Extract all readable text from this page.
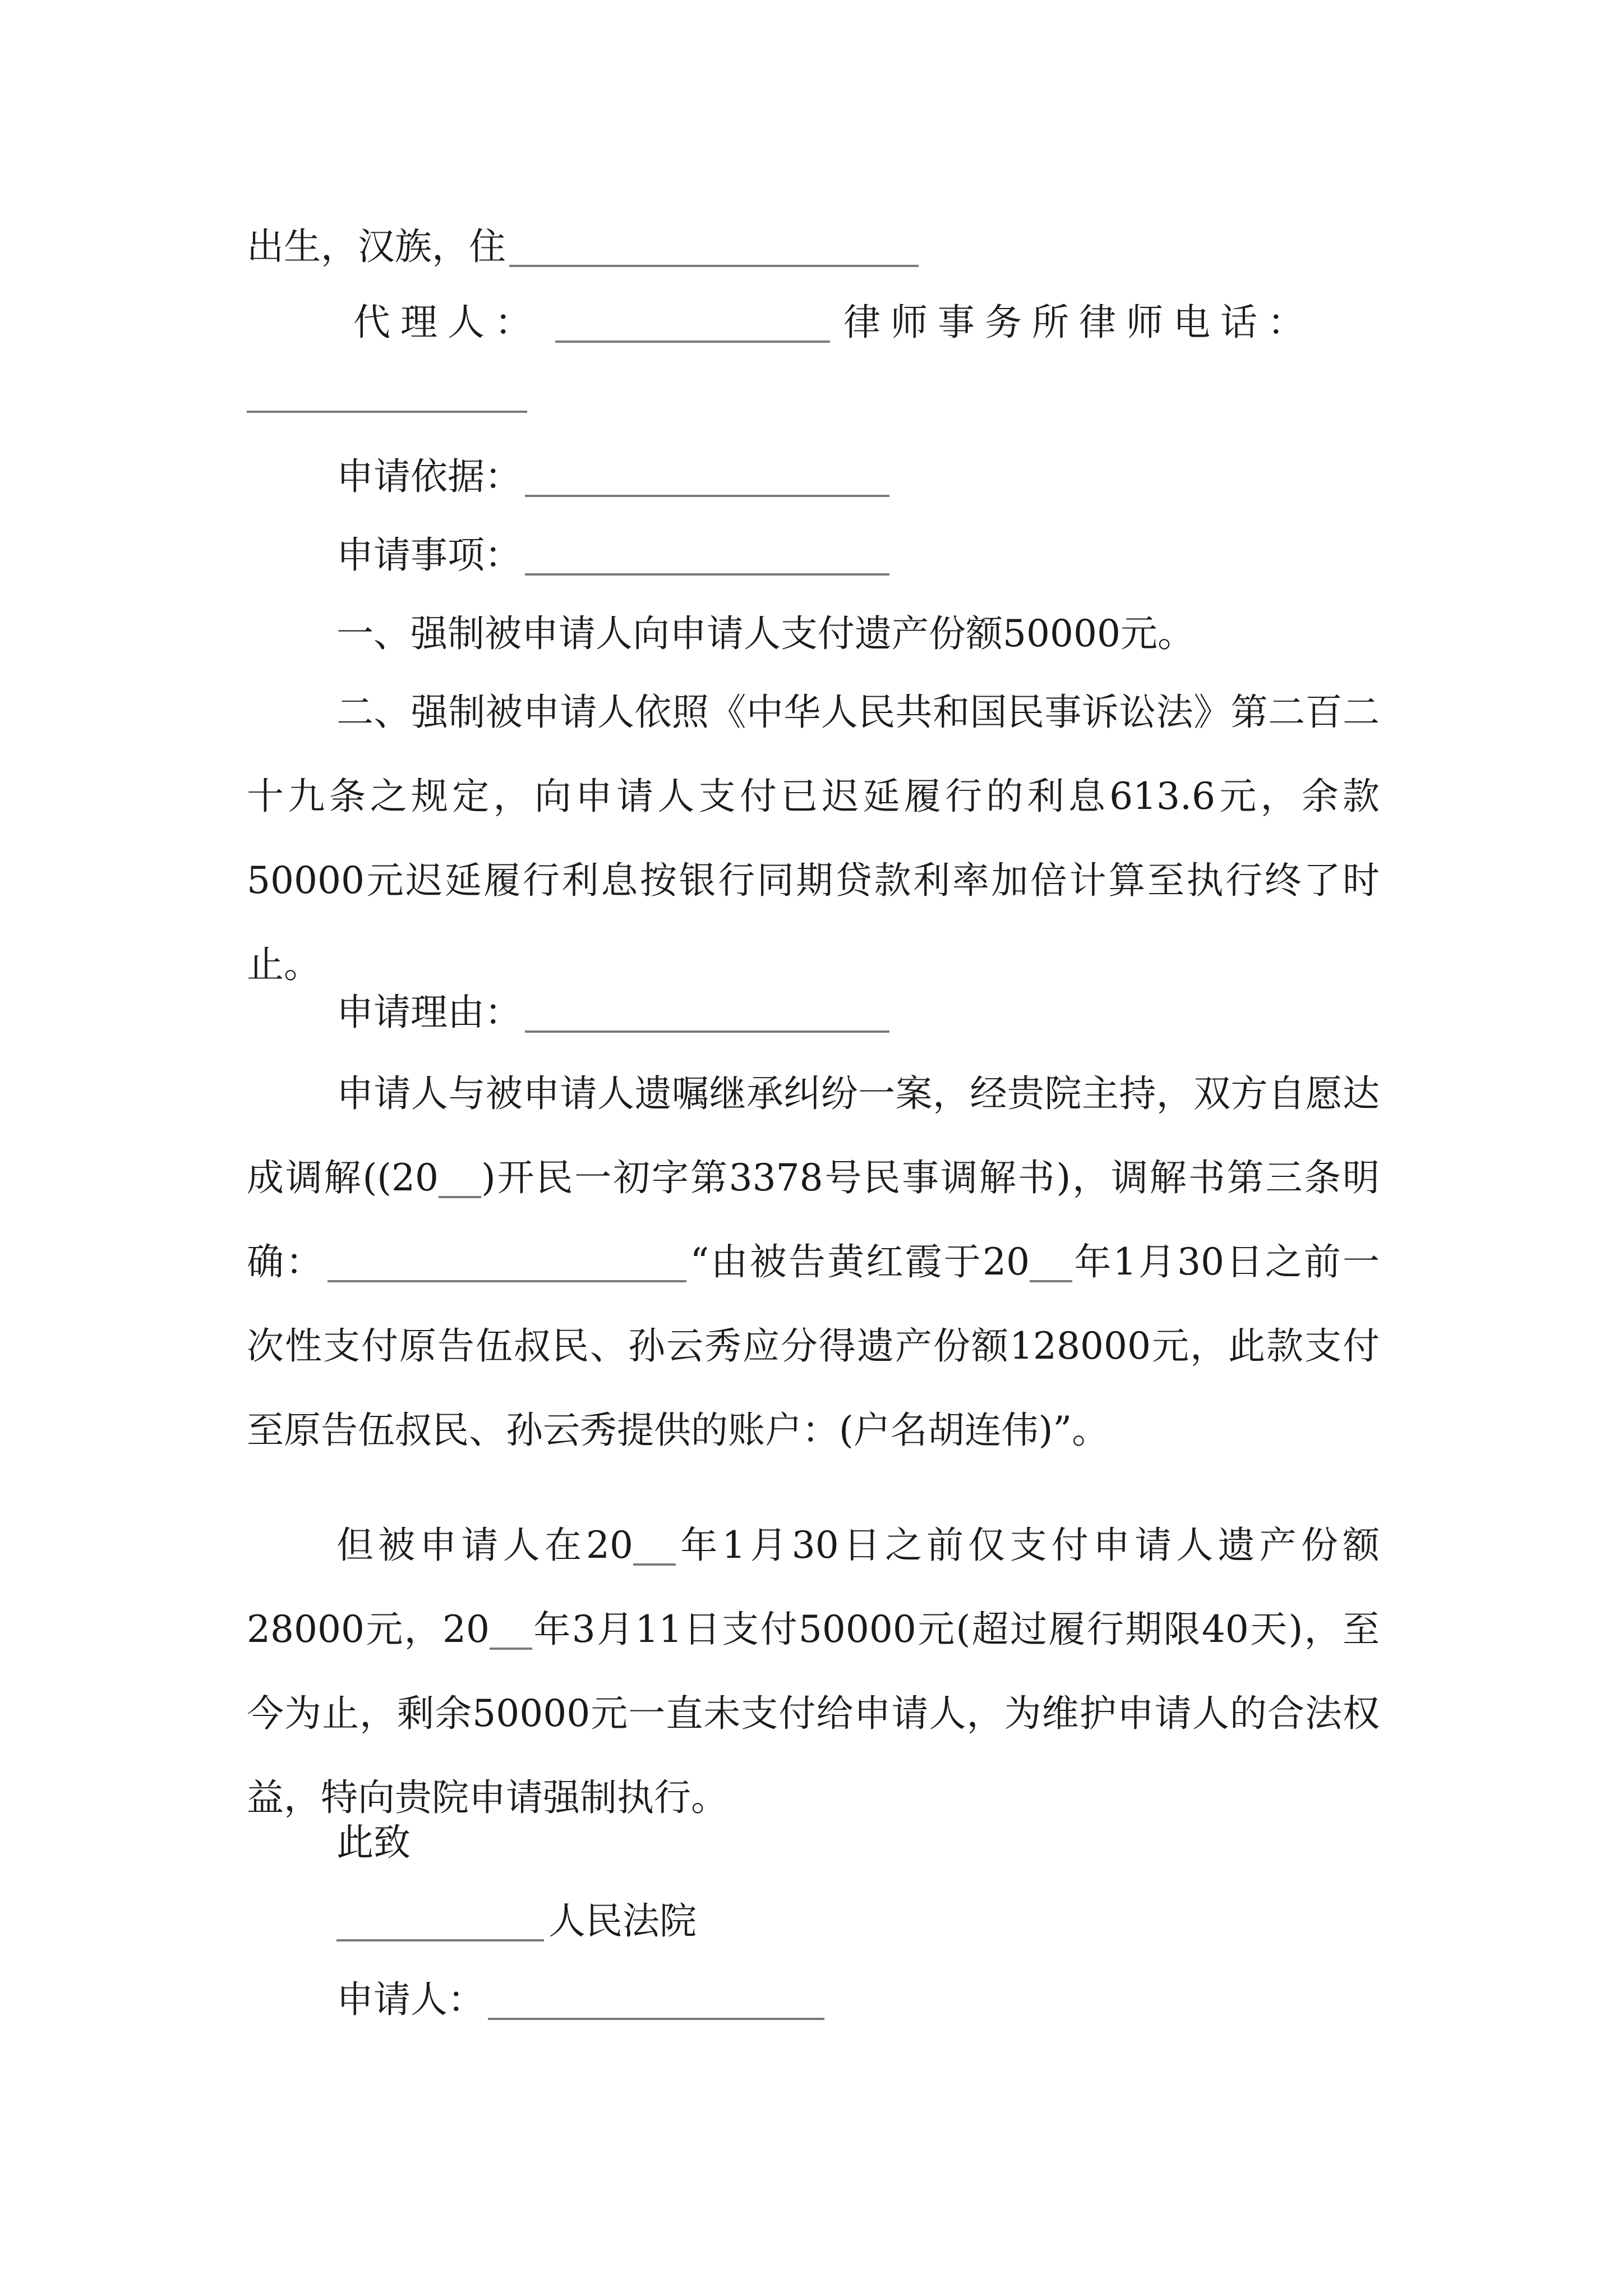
出生，汉族，住
代理人：	律师事务所律师电话：
申请依据：
申请事项：
一、强制被申请人向申请人支付遗产份额50000元。
二、强制被申请人依照《中华人民共和国民事诉讼法》第二百二十九条之规定，向申请人支付已迟延履行的利息613.6元，余款50000元迟延履行利息按银行同期贷款利率加倍计算至执行终了时止。
申请理由：
申请人与被申请人遗嘱继承纠纷一案，经贵院主持，双方自愿达成调解((20 )开民一初字第3378号民事调解书)，调解书第三条明确：	“由被告黄红霞于20 年1月30日之前一次性支付原告伍叔民、孙云秀应分得遗产份额128000元，此款支付至原告伍叔民、孙云秀提供的账户：(户名胡连伟)”。
但被申请人在20 年1月30日之前仅支付申请人遗产份额28000元，20 年3月11日支付50000元(超过履行期限40天)，至今为止，剩余50000元一直未支付给申请人，为维护申请人的合法权益，特向贵院申请强制执行。
此致
人民法院
申请人：
